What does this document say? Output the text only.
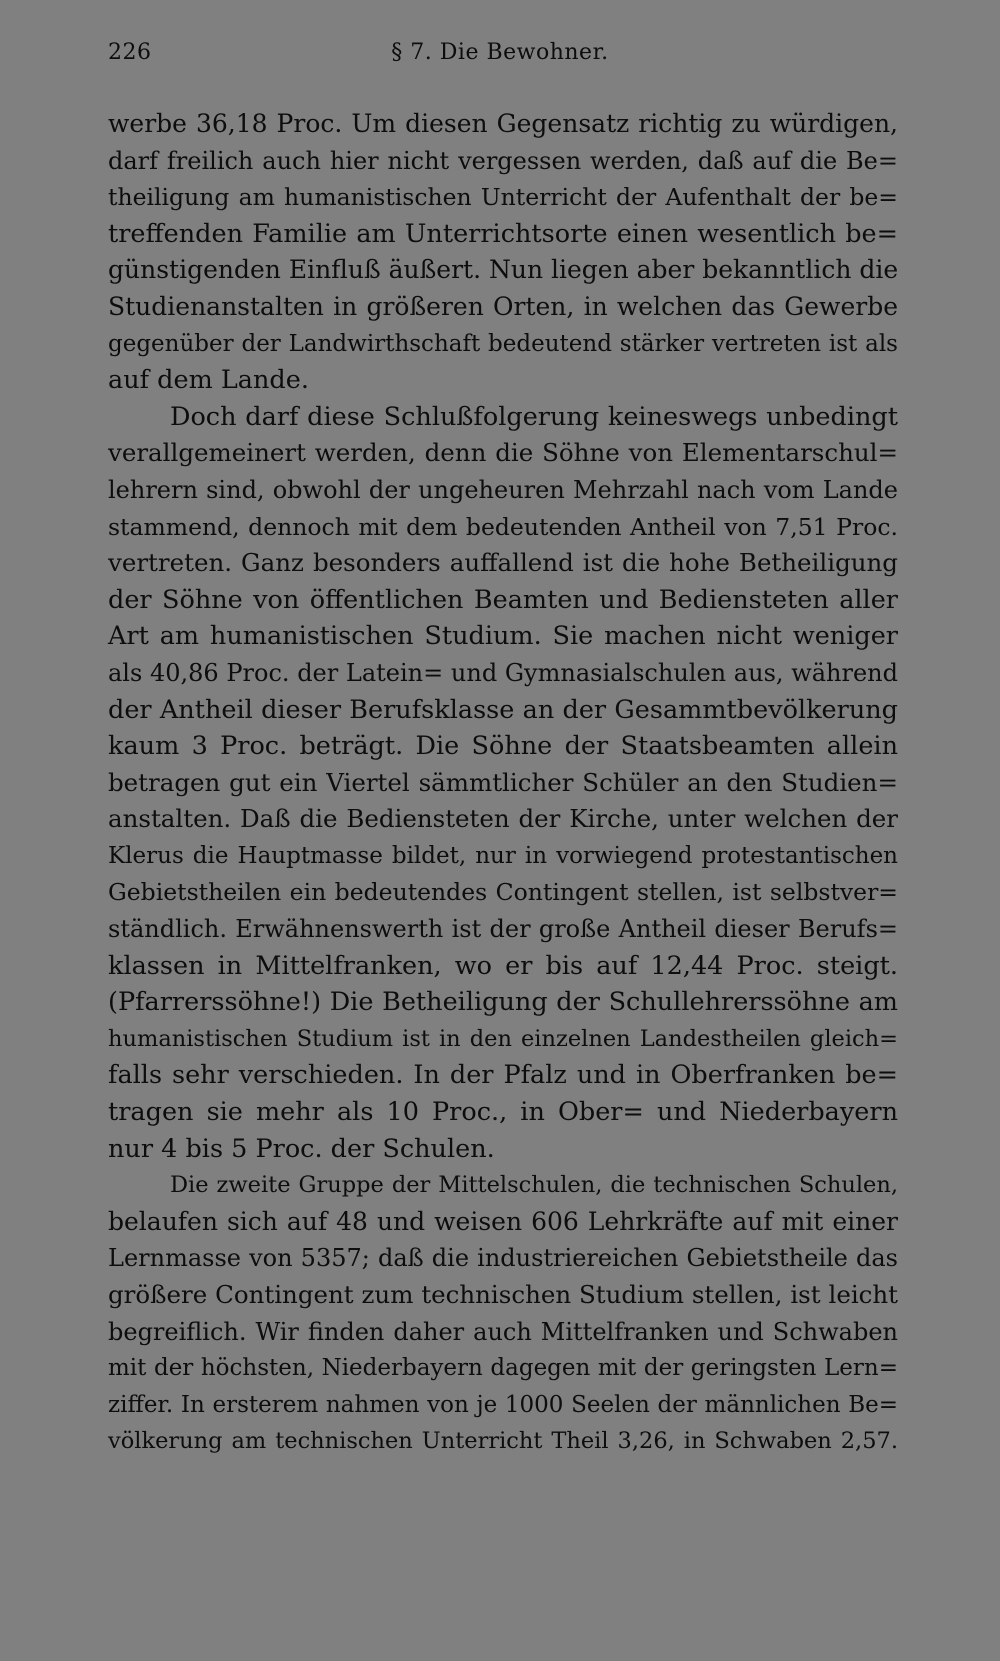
226	§ 7. Die Bewohner.
werbe 36,18 Proc. Um diesen Gegensatz richtig zu würdigen,
darf freilich auch hier nicht vergessen werden, daß auf die Be=
theiligung am humanistischen Unterricht der Aufenthalt der be=
treffenden Familie am Unterrichtsorte einen wesentlich be=
günstigenden Einfluß äußert. Nun liegen aber bekanntlich die
Studienanstalten in größeren Orten, in welchen das Gewerbe
gegenüber der Landwirthschaft bedeutend stärker vertreten ist als
auf dem Lande.
Doch darf diese Schlußfolgerung keineswegs unbedingt
verallgemeinert werden, denn die Söhne von Elementarschul=
lehrern sind, obwohl der ungeheuren Mehrzahl nach vom Lande
stammend, dennoch mit dem bedeutenden Antheil von 7,51 Proc.
vertreten. Ganz besonders auffallend ist die hohe Betheiligung
der Söhne von öffentlichen Beamten und Bediensteten aller
Art am humanistischen Studium. Sie machen nicht weniger
als 40,86 Proc. der Latein= und Gymnasialschulen aus, während
der Antheil dieser Berufsklasse an der Gesammtbevölkerung
kaum 3 Proc. beträgt. Die Söhne der Staatsbeamten allein
betragen gut ein Viertel sämmtlicher Schüler an den Studien=
anstalten. Daß die Bediensteten der Kirche, unter welchen der
Klerus die Hauptmasse bildet, nur in vorwiegend protestantischen
Gebietstheilen ein bedeutendes Contingent stellen, ist selbstver=
ständlich. Erwähnenswerth ist der große Antheil dieser Berufs=
klassen in Mittelfranken, wo er bis auf 12,44 Proc. steigt.
(Pfarrerssöhne!) Die Betheiligung der Schullehrerssöhne am
humanistischen Studium ist in den einzelnen Landestheilen gleich=
falls sehr verschieden. In der Pfalz und in Oberfranken be=
tragen sie mehr als 10 Proc., in Ober= und Niederbayern
nur 4 bis 5 Proc. der Schulen.
Die zweite Gruppe der Mittelschulen, die technischen Schulen,
belaufen sich auf 48 und weisen 606 Lehrkräfte auf mit einer
Lernmasse von 5357; daß die industriereichen Gebietstheile das
größere Contingent zum technischen Studium stellen, ist leicht
begreiflich. Wir finden daher auch Mittelfranken und Schwaben
mit der höchsten, Niederbayern dagegen mit der geringsten Lern=
ziffer. In ersterem nahmen von je 1000 Seelen der männlichen Be=
völkerung am technischen Unterricht Theil 3,26, in Schwaben 2,57.
